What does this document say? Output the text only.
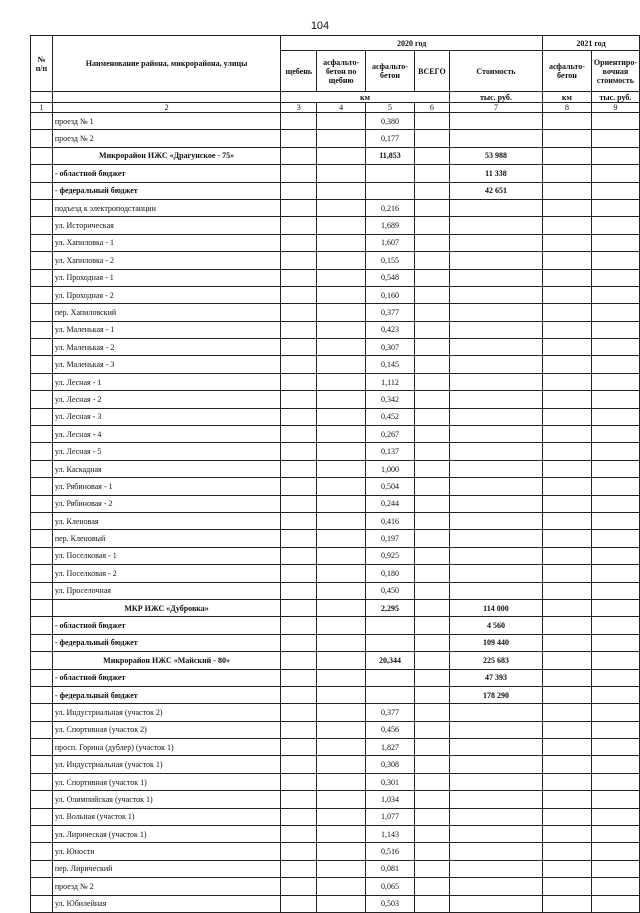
104
№ п/п	Наименование района, микрорайона, улицы	2020 год					2021 год	
		щебень	асфальто-бетон по щебню	асфальто-бетон	ВСЕГО	Стоимость	асфальто-бетон	Ориентиро-вочная стоимость
		км				тыс. руб.	км	тыс. руб.
1	2	3	4	5	6	7	8	9
	проезд № 1			0,380				
	проезд № 2			0,177				
	Микрорайон ИЖС «Драгунское - 75»			11,853		53 988		
	- областной бюджет					11 338		
	- федеральный бюджет					42 651		
	подъезд к электроподстанции			0,216				
	ул. Историческая			1,689				
	ул. Хапиловка - 1			1,607				
	ул. Хапиловка - 2			0,155				
	ул. Проходная - 1			0,548				
	ул. Проходная - 2			0,160				
	пер. Хапиловский			0,377				
	ул. Маленькая - 1			0,423				
	ул. Маленькая - 2			0,307				
	ул. Маленькая - 3			0,145				
	ул. Лесная - 1			1,112				
	ул. Лесная - 2			0,342				
	ул. Лесная - 3			0,452				
	ул. Лесная - 4			0,267				
	ул. Лесная - 5			0,137				
	ул. Каскадная			1,000				
	ул. Рябиновая - 1			0,504				
	ул. Рябиновая - 2			0,244				
	ул. Кленовая			0,416				
	пер. Кленовый			0,197				
	ул. Поселковая - 1			0,925				
	ул. Поселковая - 2			0,180				
	ул. Проселочная			0,450				
	МКР ИЖС «Дубровка»			2,295		114 000		
	- областной бюджет					4 560		
	- федеральный бюджет					109 440		
	Микрорайон ИЖС «Майский - 80»			20,344		225 683		
	- областной бюджет					47 393		
	- федеральный бюджет					178 290		
	ул. Индустриальная (участок 2)			0,377				
	ул. Спортивная (участок 2)			0,456				
	просп. Горина (дублер) (участок 1)			1,827				
	ул. Индустриальная (участок 1)			0,308				
	ул. Спортивная (участок 1)			0,301				
	ул. Олимпийская (участок 1)			1,034				
	ул. Вольная (участок 1)			1,077				
	ул. Лирическая (участок 1)			1,143				
	ул. Юности			0,516				
	пер. Лирический			0,081				
	проезд № 2			0,065				
	ул. Юбилейная			0,503				
